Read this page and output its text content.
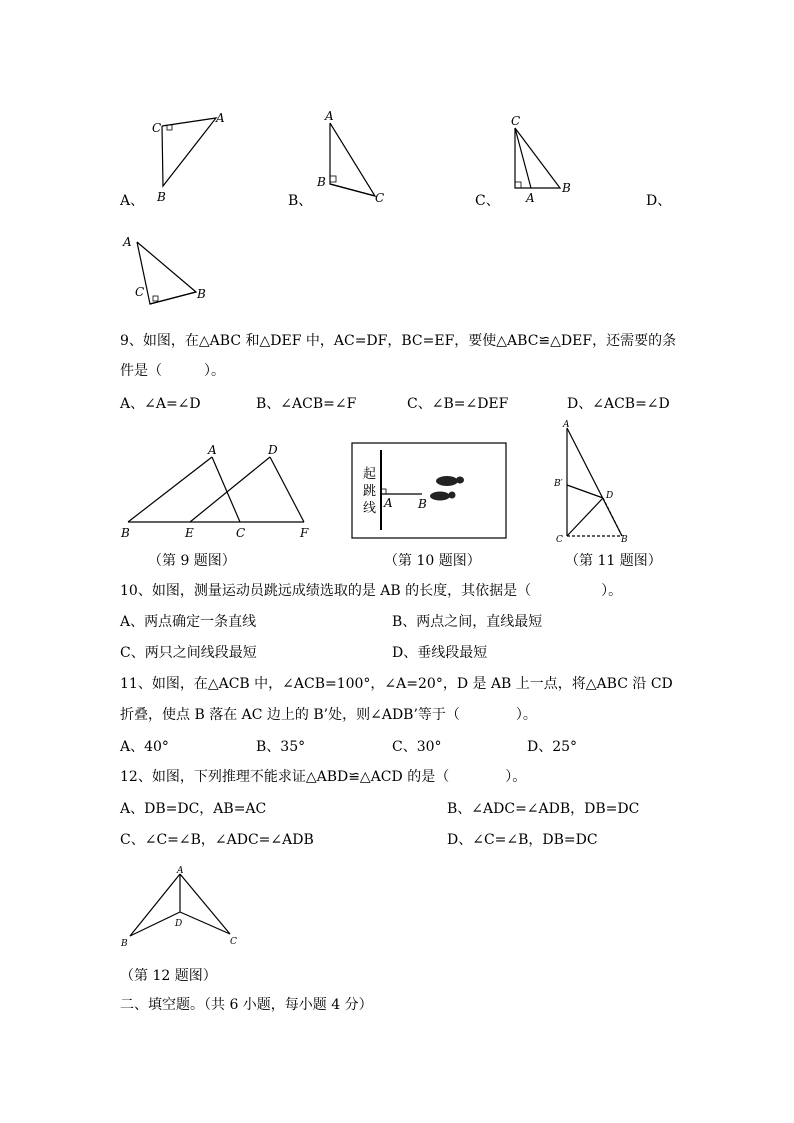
C
A
B
A、
A
B
C
B、
C
A
B
C、	D、
A
C	B
9、如图，在△ABC 和△DEF 中，AC=DF，BC=EF，要使△ABC≌△DEF，还需要的条
件是（　　　）。
A、∠A=∠D	B、∠ACB=∠F	C、∠B=∠DEF	D、∠ACB=∠D
A	D
B	E	C	F
（第 9 题图）
起
跳
线 A B
（第 10 题图）
A
B′
D
C	B
（第 11 题图）
10、如图，测量运动员跳远成绩选取的是 AB 的长度，其依据是（　　　　　）。
A、两点确定一条直线	B、两点之间，直线最短
C、两只之间线段最短	D、垂线段最短
11、如图，在△ACB 中，∠ACB=100°，∠A=20°，D 是 AB 上一点，将△ABC 沿 CD
折叠，使点 B 落在 AC 边上的 B’处，则∠ADB’等于（　　　　）。
A、40°	B、35°	C、30°	D、25°
12、如图，下列推理不能求证△ABD≌△ACD 的是（　　　　）。
A、DB=DC，AB=AC	B、∠ADC=∠ADB，DB=DC
C、∠C=∠B，∠ADC=∠ADB	D、∠C=∠B，DB=DC
A
D
B	C
（第 12 题图）
二、填空题。（共 6 小题，每小题 4 分）
